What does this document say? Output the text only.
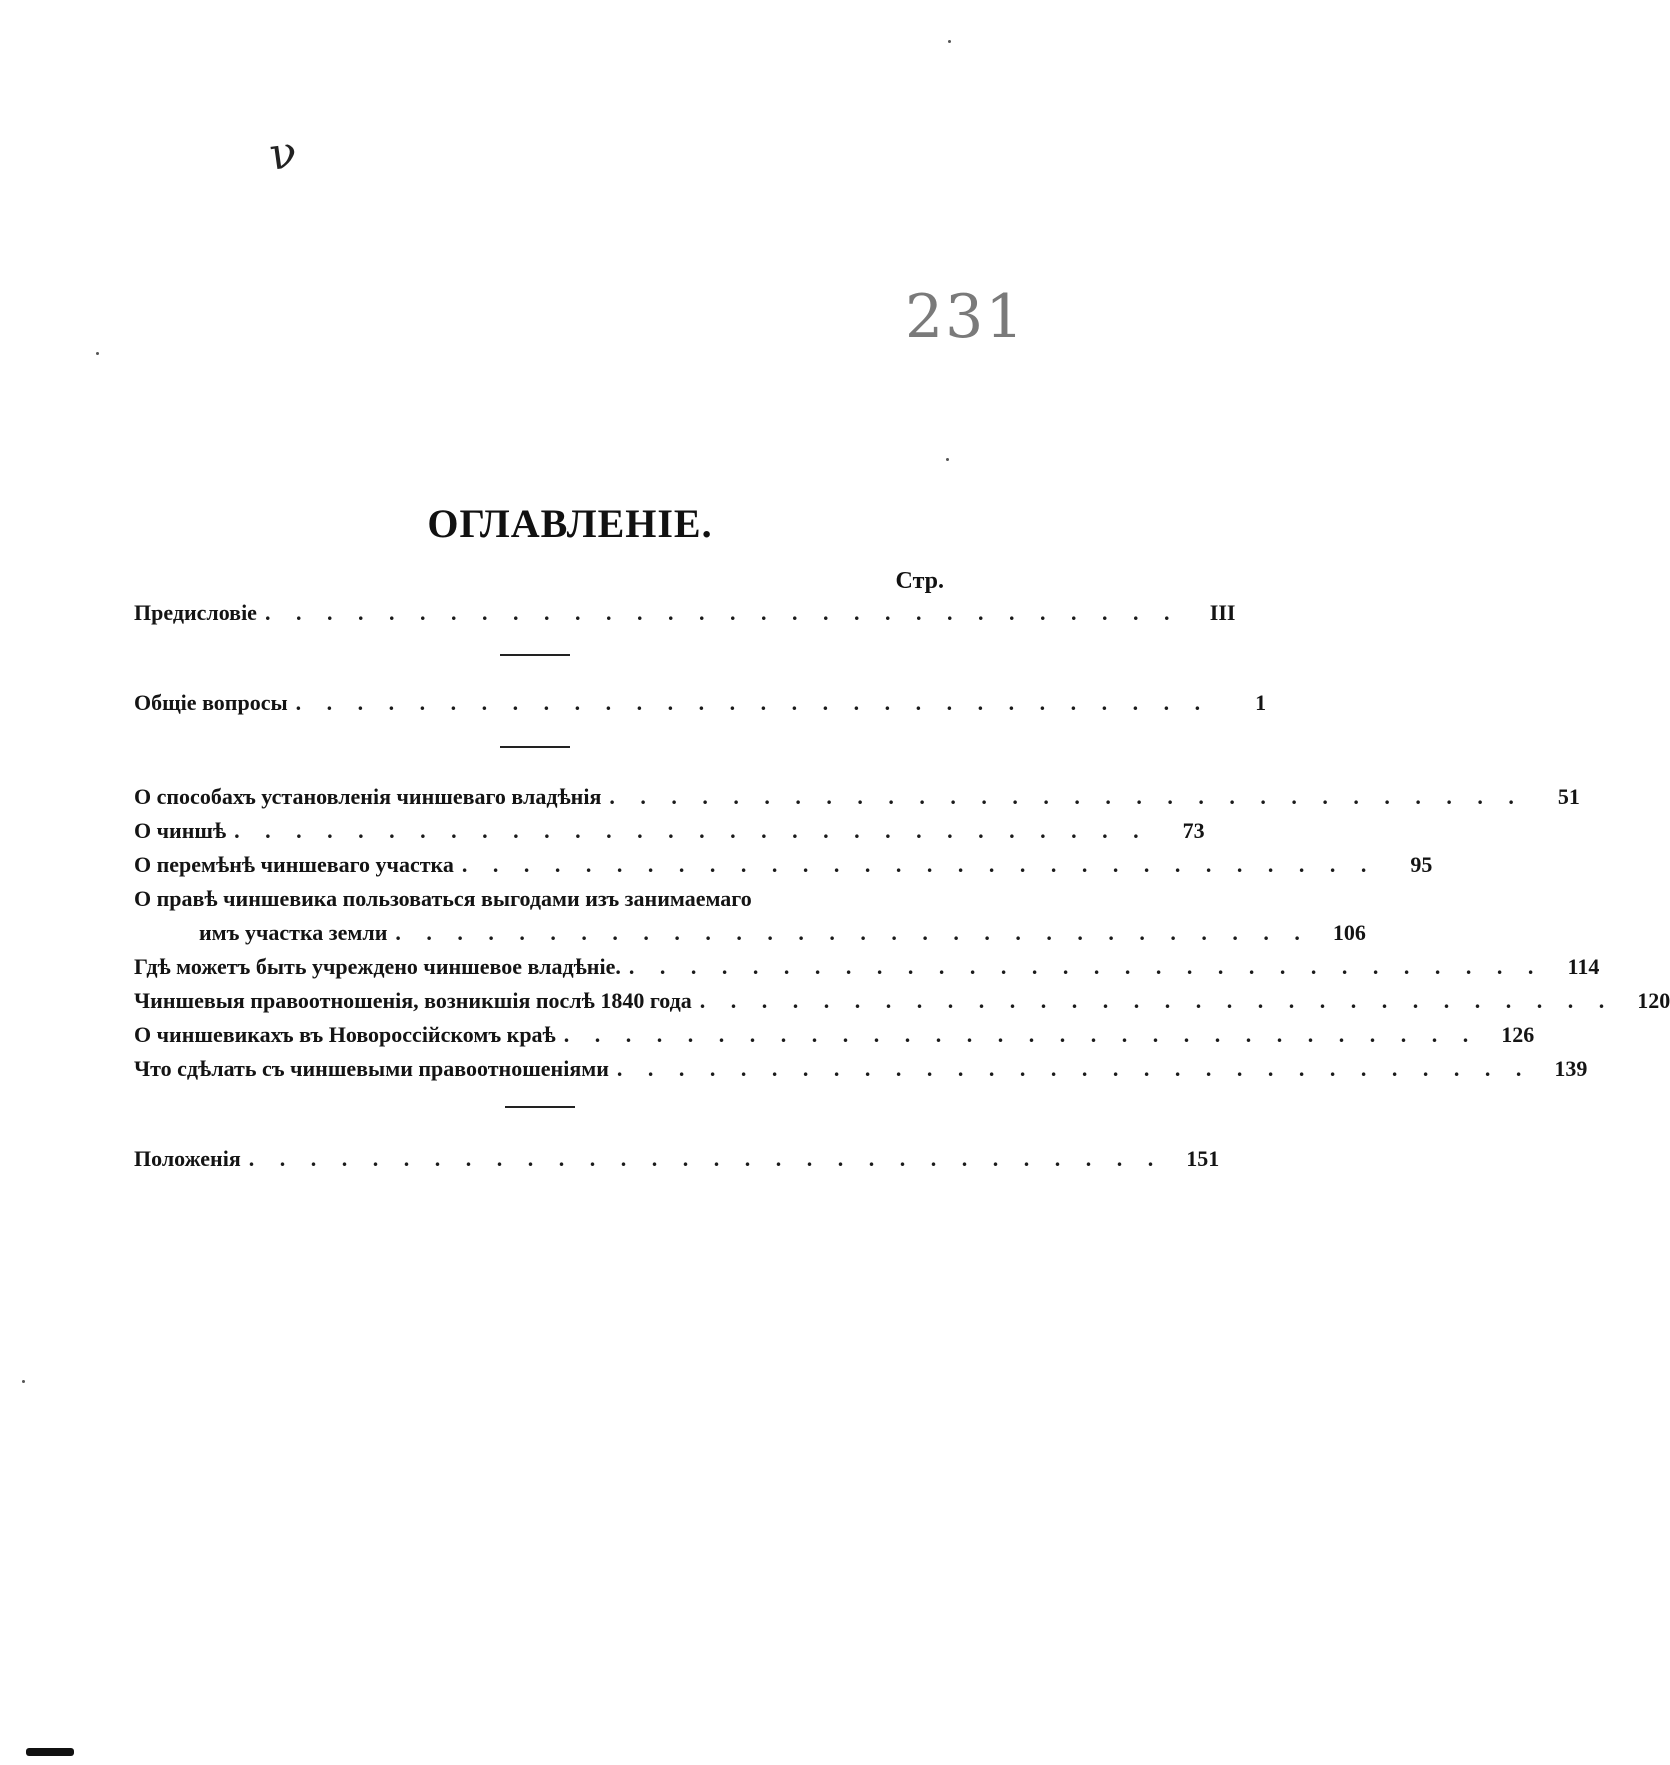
ν
231
ОГЛАВЛЕНІЕ.
Стр.
Предисловіе . . . . . . . . . . . . . . . . . . . . . . . . . . . . . .	III
Общіе вопросы . . . . . . . . . . . . . . . . . . . . . . . . . . . . . .	1
О способахъ установленія чиншеваго владѣнія . . . . . . . . . . . . . . . . . . . . . . . . . . . . . .	51
О чиншѣ . . . . . . . . . . . . . . . . . . . . . . . . . . . . . .	73
О перемѣнѣ чиншеваго участка . . . . . . . . . . . . . . . . . . . . . . . . . . . . . .	95
О правѣ чиншевика пользоваться выгодами изъ занимаемаго
имъ участка земли . . . . . . . . . . . . . . . . . . . . . . . . . . . . . .	106
Гдѣ можетъ быть учреждено чиншевое владѣніе. . . . . . . . . . . . . . . . . . . . . . . . . . . . . . .	114
Чиншевыя правоотношенія, возникшія послѣ 1840 года . . . . . . . . . . . . . . . . . . . . . . . . . . . . . .	120
О чиншевикахъ въ Новороссійскомъ краѣ . . . . . . . . . . . . . . . . . . . . . . . . . . . . . .	126
Что сдѣлать съ чиншевыми правоотношеніями . . . . . . . . . . . . . . . . . . . . . . . . . . . . . .	139
Положенія . . . . . . . . . . . . . . . . . . . . . . . . . . . . . .	151
